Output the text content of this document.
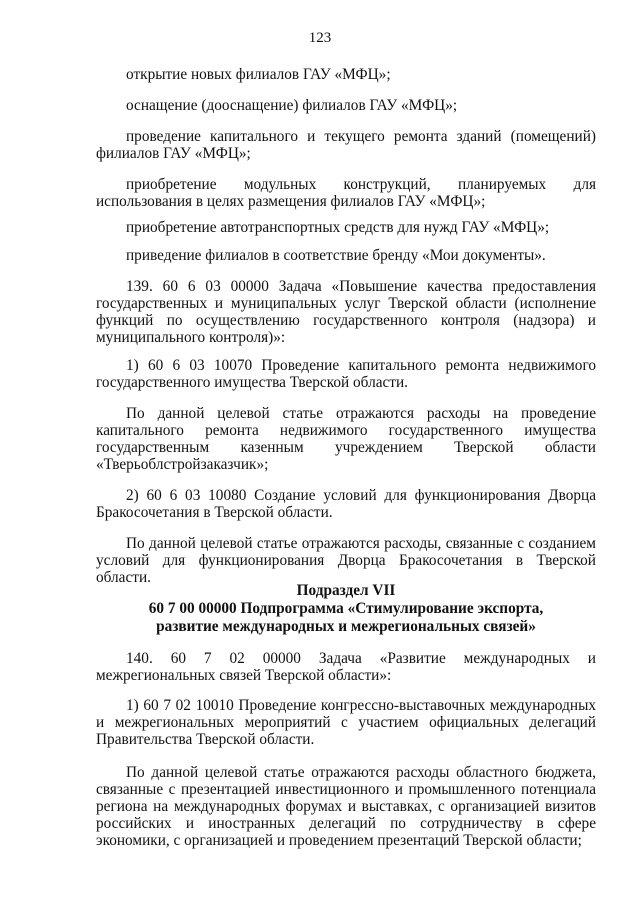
123

открытие новых филиалов ГАУ «МФЦ»;

оснащение (дооснащение) филиалов ГАУ «МФЦ»;

проведение капитального и текущего ремонта зданий (помещений) филиалов ГАУ «МФЦ»;

приобретение модульных конструкций, планируемых для использования в целях размещения филиалов ГАУ «МФЦ»;

приобретение автотранспортных средств для нужд ГАУ «МФЦ»;

приведение филиалов в соответствие бренду «Мои документы».

139. 60 6 03 00000 Задача «Повышение качества предоставления государственных и муниципальных услуг Тверской области (исполнение функций по осуществлению государственного контроля (надзора) и муниципального контроля)»:

1) 60 6 03 10070 Проведение капитального ремонта недвижимого государственного имущества Тверской области.

По данной целевой статье отражаются расходы на проведение капитального ремонта недвижимого государственного имущества государственным казенным учреждением Тверской области «Тверьоблстройзаказчик»;

2) 60 6 03 10080 Создание условий для функционирования Дворца Бракосочетания в Тверской области.

По данной целевой статье отражаются расходы, связанные с созданием условий для функционирования Дворца Бракосочетания в Тверской области.

Подраздел VII
60 7 00 00000 Подпрограмма «Стимулирование экспорта,
развитие международных и межрегиональных связей»

140. 60 7 02 00000 Задача «Развитие международных и межрегиональных связей Тверской области»:

1) 60 7 02 10010 Проведение конгрессно-выставочных международных и межрегиональных мероприятий с участием официальных делегаций Правительства Тверской области.

По данной целевой статье отражаются расходы областного бюджета, связанные с презентацией инвестиционного и промышленного потенциала региона на международных форумах и выставках, с организацией визитов российских и иностранных делегаций по сотрудничеству в сфере экономики, с организацией и проведением презентаций Тверской области;
